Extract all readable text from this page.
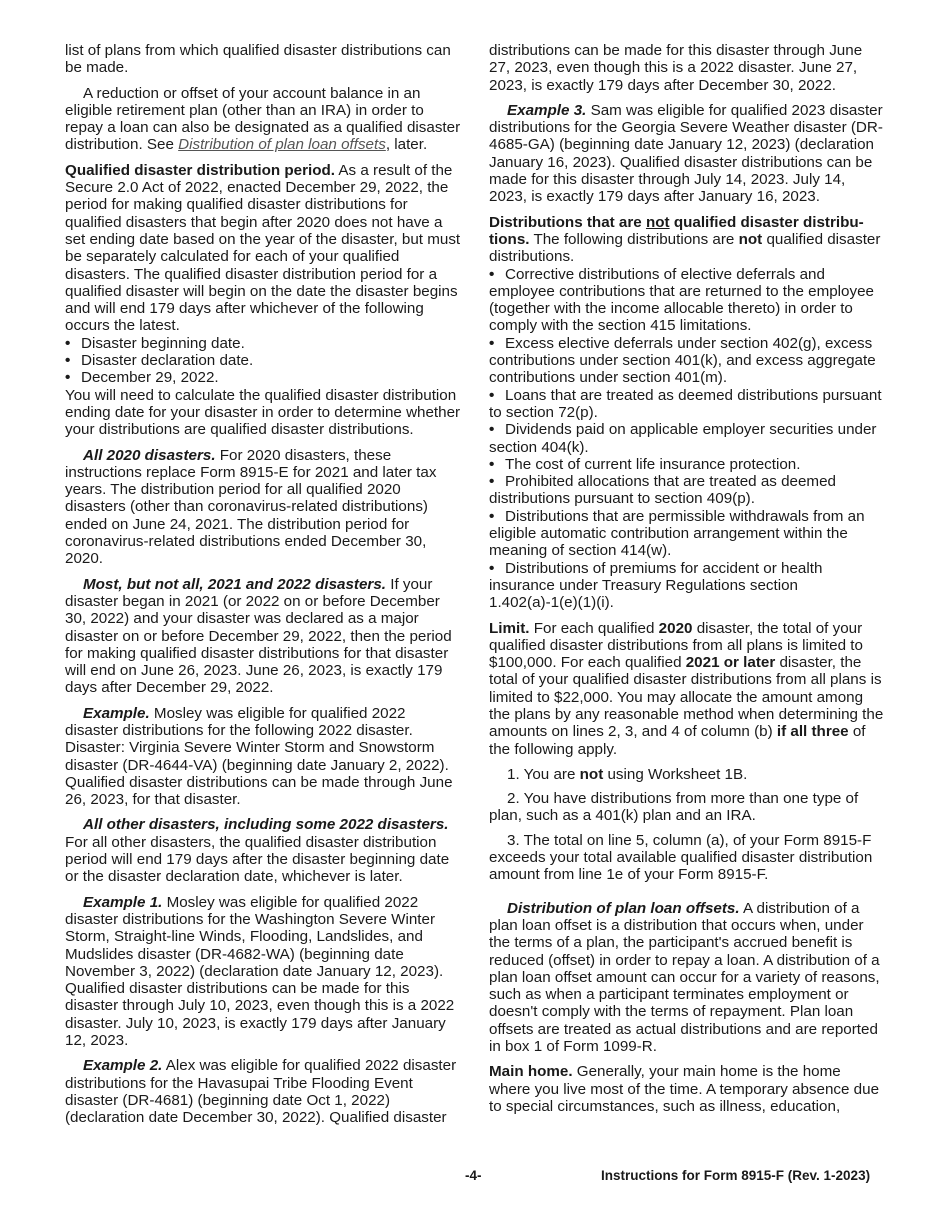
list of plans from which qualified disaster distributions can be made.

A reduction or offset of your account balance in an eligible retirement plan (other than an IRA) in order to repay a loan can also be designated as a qualified disaster distribution. See Distribution of plan loan offsets, later.

Qualified disaster distribution period. As a result of the Secure 2.0 Act of 2022, enacted December 29, 2022, the period for making qualified disaster distributions for qualified disasters that begin after 2020 does not have a set ending date based on the year of the disaster, but must be separately calculated for each of your qualified disasters. The qualified disaster distribution period for a qualified disaster will begin on the date the disaster begins and will end 179 days after whichever of the following occurs the latest.

• Disaster beginning date.
• Disaster declaration date.
• December 29, 2022.

You will need to calculate the qualified disaster distribution ending date for your disaster in order to determine whether your distributions are qualified disaster distributions.

All 2020 disasters. For 2020 disasters, these instructions replace Form 8915-E for 2021 and later tax years. The distribution period for all qualified 2020 disasters (other than coronavirus-related distributions) ended on June 24, 2021. The distribution period for coronavirus-related distributions ended December 30, 2020.

Most, but not all, 2021 and 2022 disasters. If your disaster began in 2021 (or 2022 on or before December 30, 2022) and your disaster was declared as a major disaster on or before December 29, 2022, then the period for making qualified disaster distributions for that disaster will end on June 26, 2023. June 26, 2023, is exactly 179 days after December 29, 2022.

Example. Mosley was eligible for qualified 2022 disaster distributions for the following 2022 disaster. Disaster: Virginia Severe Winter Storm and Snowstorm disaster (DR-4644-VA) (beginning date January 2, 2022). Qualified disaster distributions can be made through June 26, 2023, for that disaster.

All other disasters, including some 2022 disasters. For all other disasters, the qualified disaster distribution period will end 179 days after the disaster beginning date or the disaster declaration date, whichever is later.

Example 1. Mosley was eligible for qualified 2022 disaster distributions for the Washington Severe Winter Storm, Straight-line Winds, Flooding, Landslides, and Mudslides disaster (DR-4682-WA) (beginning date November 3, 2022) (declaration date January 12, 2023). Qualified disaster distributions can be made for this disaster through July 10, 2023, even though this is a 2022 disaster. July 10, 2023, is exactly 179 days after January 12, 2023.

Example 2. Alex was eligible for qualified 2022 disaster distributions for the Havasupai Tribe Flooding Event disaster (DR-4681) (beginning date Oct 1, 2022) (declaration date December 30, 2022). Qualified disaster

distributions can be made for this disaster through June 27, 2023, even though this is a 2022 disaster. June 27, 2023, is exactly 179 days after December 30, 2022.

Example 3. Sam was eligible for qualified 2023 disaster distributions for the Georgia Severe Weather disaster (DR-4685-GA) (beginning date January 12, 2023) (declaration January 16, 2023). Qualified disaster distributions can be made for this disaster through July 14, 2023. July 14, 2023, is exactly 179 days after January 16, 2023.

Distributions that are not qualified disaster distribu-tions. The following distributions are not qualified disaster distributions.

• Corrective distributions of elective deferrals and employee contributions that are returned to the employee (together with the income allocable thereto) in order to comply with the section 415 limitations.
• Excess elective deferrals under section 402(g), excess contributions under section 401(k), and excess aggregate contributions under section 401(m).
• Loans that are treated as deemed distributions pursuant to section 72(p).
• Dividends paid on applicable employer securities under section 404(k).
• The cost of current life insurance protection.
• Prohibited allocations that are treated as deemed distributions pursuant to section 409(p).
• Distributions that are permissible withdrawals from an eligible automatic contribution arrangement within the meaning of section 414(w).
• Distributions of premiums for accident or health insurance under Treasury Regulations section 1.402(a)-1(e)(1)(i).

Limit. For each qualified 2020 disaster, the total of your qualified disaster distributions from all plans is limited to $100,000. For each qualified 2021 or later disaster, the total of your qualified disaster distributions from all plans is limited to $22,000. You may allocate the amount among the plans by any reasonable method when determining the amounts on lines 2, 3, and 4 of column (b) if all three of the following apply.

1. You are not using Worksheet 1B.

2. You have distributions from more than one type of plan, such as a 401(k) plan and an IRA.

3. The total on line 5, column (a), of your Form 8915-F exceeds your total available qualified disaster distribution amount from line 1e of your Form 8915-F.

Distribution of plan loan offsets. A distribution of a plan loan offset is a distribution that occurs when, under the terms of a plan, the participant's accrued benefit is reduced (offset) in order to repay a loan. A distribution of a plan loan offset amount can occur for a variety of reasons, such as when a participant terminates employment or doesn't comply with the terms of repayment. Plan loan offsets are treated as actual distributions and are reported in box 1 of Form 1099-R.

Main home. Generally, your main home is the home where you live most of the time. A temporary absence due to special circumstances, such as illness, education,

-4-	Instructions for Form 8915-F (Rev. 1-2023)
